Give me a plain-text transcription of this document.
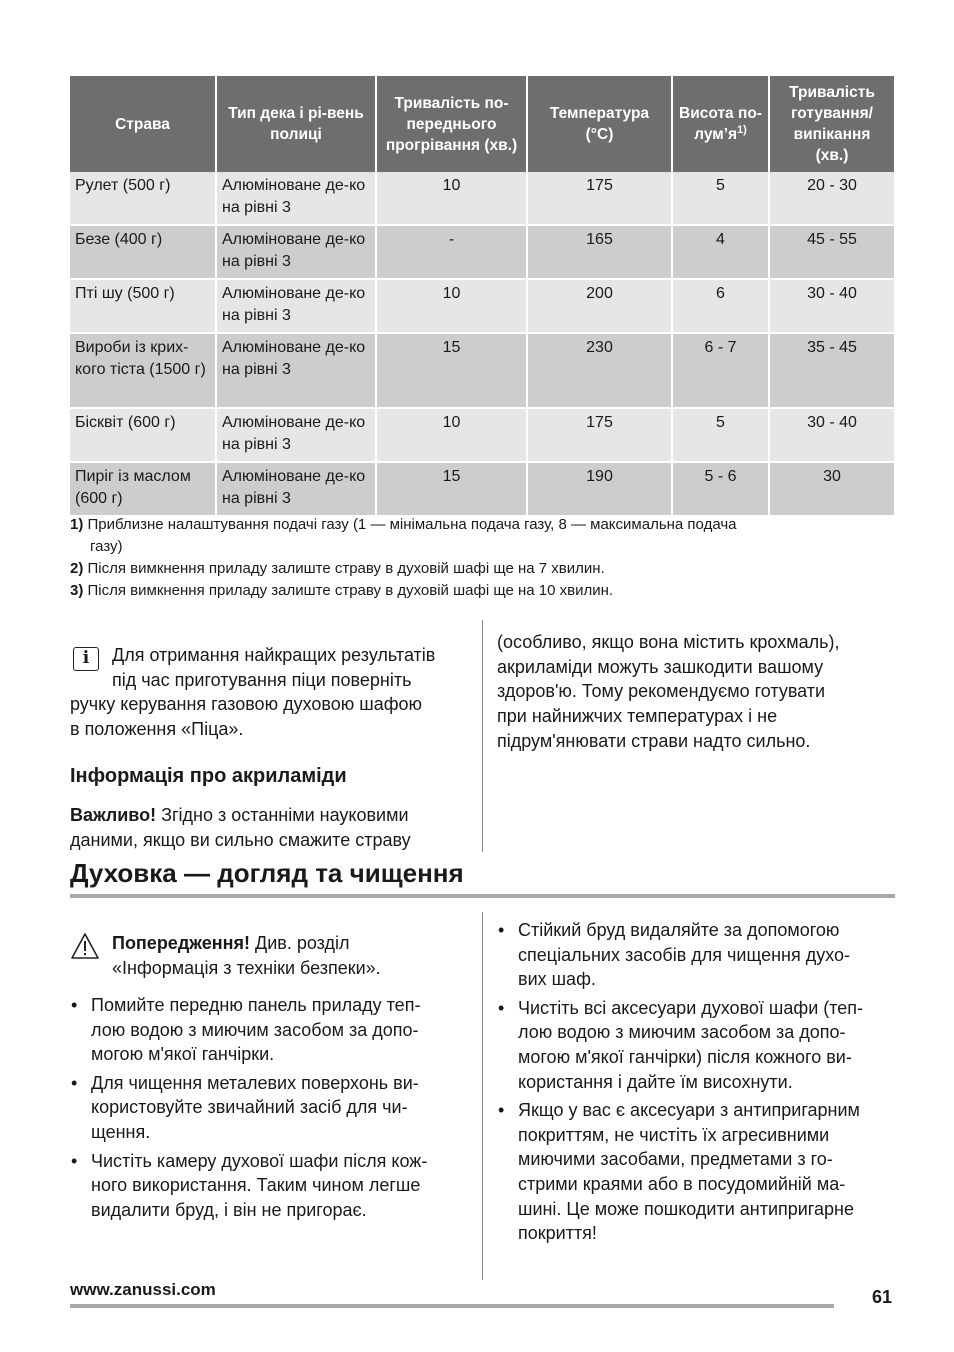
Страва	Тип дека і рі-вень полиці	Тривалість по-переднього прогрівання (хв.)	Температура (°C)	Висота $по-лум’я^{1)}$	Тривалість готування/ випікання (хв.)
Рулет (500 г)	Алюміноване де-ко на рівні 3	10	175	5	20 - 30
Безе (400 г)	Алюміноване де-ко на рівні 3	-	165	4	45 - 55
Пті шу (500 г)	Алюміноване де-ко на рівні 3	10	200	6	30 - 40
Вироби із крих-кого тіста (1500 г)	Алюміноване де-ко на рівні 3	15	230	6 - 7	35 - 45
Бісквіт (600 г)	Алюміноване де-ко на рівні 3	10	175	5	30 - 40
Пиріг із маслом (600 г)	Алюміноване де-ко на рівні 3	15	190	5 - 6	30
1) Приблизне налаштування подачі газу (1 — мінімальна подача газу, 8 — максимальна подача
газу)
2) Після вимкнення приладу залиште страву в духовій шафі ще на 7 хвилин.
3) Після вимкнення приладу залиште страву в духовій шафі ще на 10 хвилин.
i	Для отримання найкращих результатів
під час приготування піци поверніть
ручку керування газовою духовою шафою
в положення «Піца».
Інформація про акриламіди
Важливо! Згідно з останніми науковими
даними, якщо ви сильно смажите страву
(особливо, якщо вона містить крохмаль),
акриламіди можуть зашкодити вашому
здоров'ю. Тому рекомендуємо готувати
при найнижчих температурах і не
підрум'янювати страви надто сильно.
Духовка — догляд та чищення
Попередження! Див. розділ
«Інформація з техніки безпеки».
• Помийте передню панель приладу теп-
лою водою з миючим засобом за допо-
могою м'якої ганчірки.
• Для чищення металевих поверхонь ви-
користовуйте звичайний засіб для чи-
щення.
• Чистіть камеру духової шафи після кож-
ного використання. Таким чином легше
видалити бруд, і він не пригорає.
• Стійкий бруд видаляйте за допомогою
спеціальних засобів для чищення духо-
вих шаф.
• Чистіть всі аксесуари духової шафи (теп-
лою водою з миючим засобом за допо-
могою м'якої ганчірки) після кожного ви-
користання і дайте їм висохнути.
• Якщо у вас є аксесуари з антипригарним
покриттям, не чистіть їх агресивними
миючими засобами, предметами з го-
стрими краями або в посудомийній ма-
шині. Це може пошкодити антипригарне
покриття!
www.zanussi.com	61
